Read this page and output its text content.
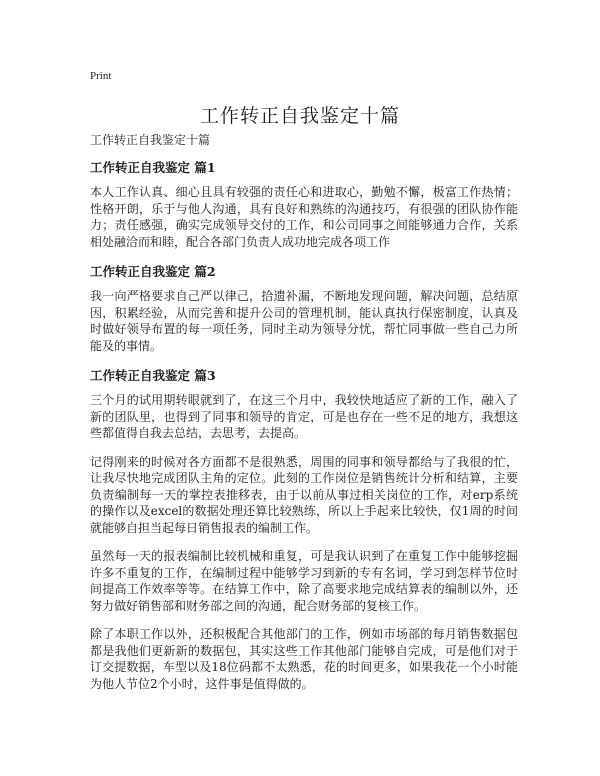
Print
工作转正自我鉴定十篇

工作转正自我鉴定十篇

工作转正自我鉴定 篇1

本人工作认真、细心且具有较强的责任心和进取心，勤勉不懈，极富工作热情；性格开朗，乐于与他人沟通，具有良好和熟练的沟通技巧，有很强的团队协作能力；责任感强，确实完成领导交付的工作，和公司同事之间能够通力合作，关系相处融洽而和睦，配合各部门负责人成功地完成各项工作

工作转正自我鉴定 篇2

我一向严格要求自己严以律己，拾遗补漏，不断地发现问题，解决问题，总结原因，积累经验，从而完善和提升公司的管理机制，能认真执行保密制度，认真及时做好领导布置的每一项任务，同时主动为领导分忧，帮忙同事做一些自己力所能及的事情。

工作转正自我鉴定 篇3

三个月的试用期转眼就到了，在这三个月中，我较快地适应了新的工作，融入了新的团队里，也得到了同事和领导的肯定，可是也存在一些不足的地方，我想这些都值得自我去总结，去思考，去提高。

记得刚来的时候对各方面都不是很熟悉，周围的同事和领导都给与了我很的忙，让我尽快地完成团队主角的定位。此刻的工作岗位是销售统计分析和结算，主要负责编制每一天的掌控表推移表，由于以前从事过相关岗位的工作，对erp系统的操作以及excel的数据处理还算比较熟练，所以上手起来比较快，仅1周的时间就能够自担当起每日销售报表的编制工作。

虽然每一天的报表编制比较机械和重复，可是我认识到了在重复工作中能够挖掘许多不重复的工作，在编制过程中能够学习到新的专有名词，学习到怎样节位时间提高工作效率等等。在结算工作中，除了高要求地完成结算表的编制以外，还努力做好销售部和财务部之间的沟通，配合财务部的复核工作。

除了本职工作以外，还积极配合其他部门的工作，例如市场部的每月销售数据包都是我他们更新新的数据包，其实这些工作其他部门能够自完成，可是他们对于订交提数据，车型以及18位码都不太熟悉，花的时间更多，如果我花一个小时能为他人节位2个小时，这件事是值得做的。
